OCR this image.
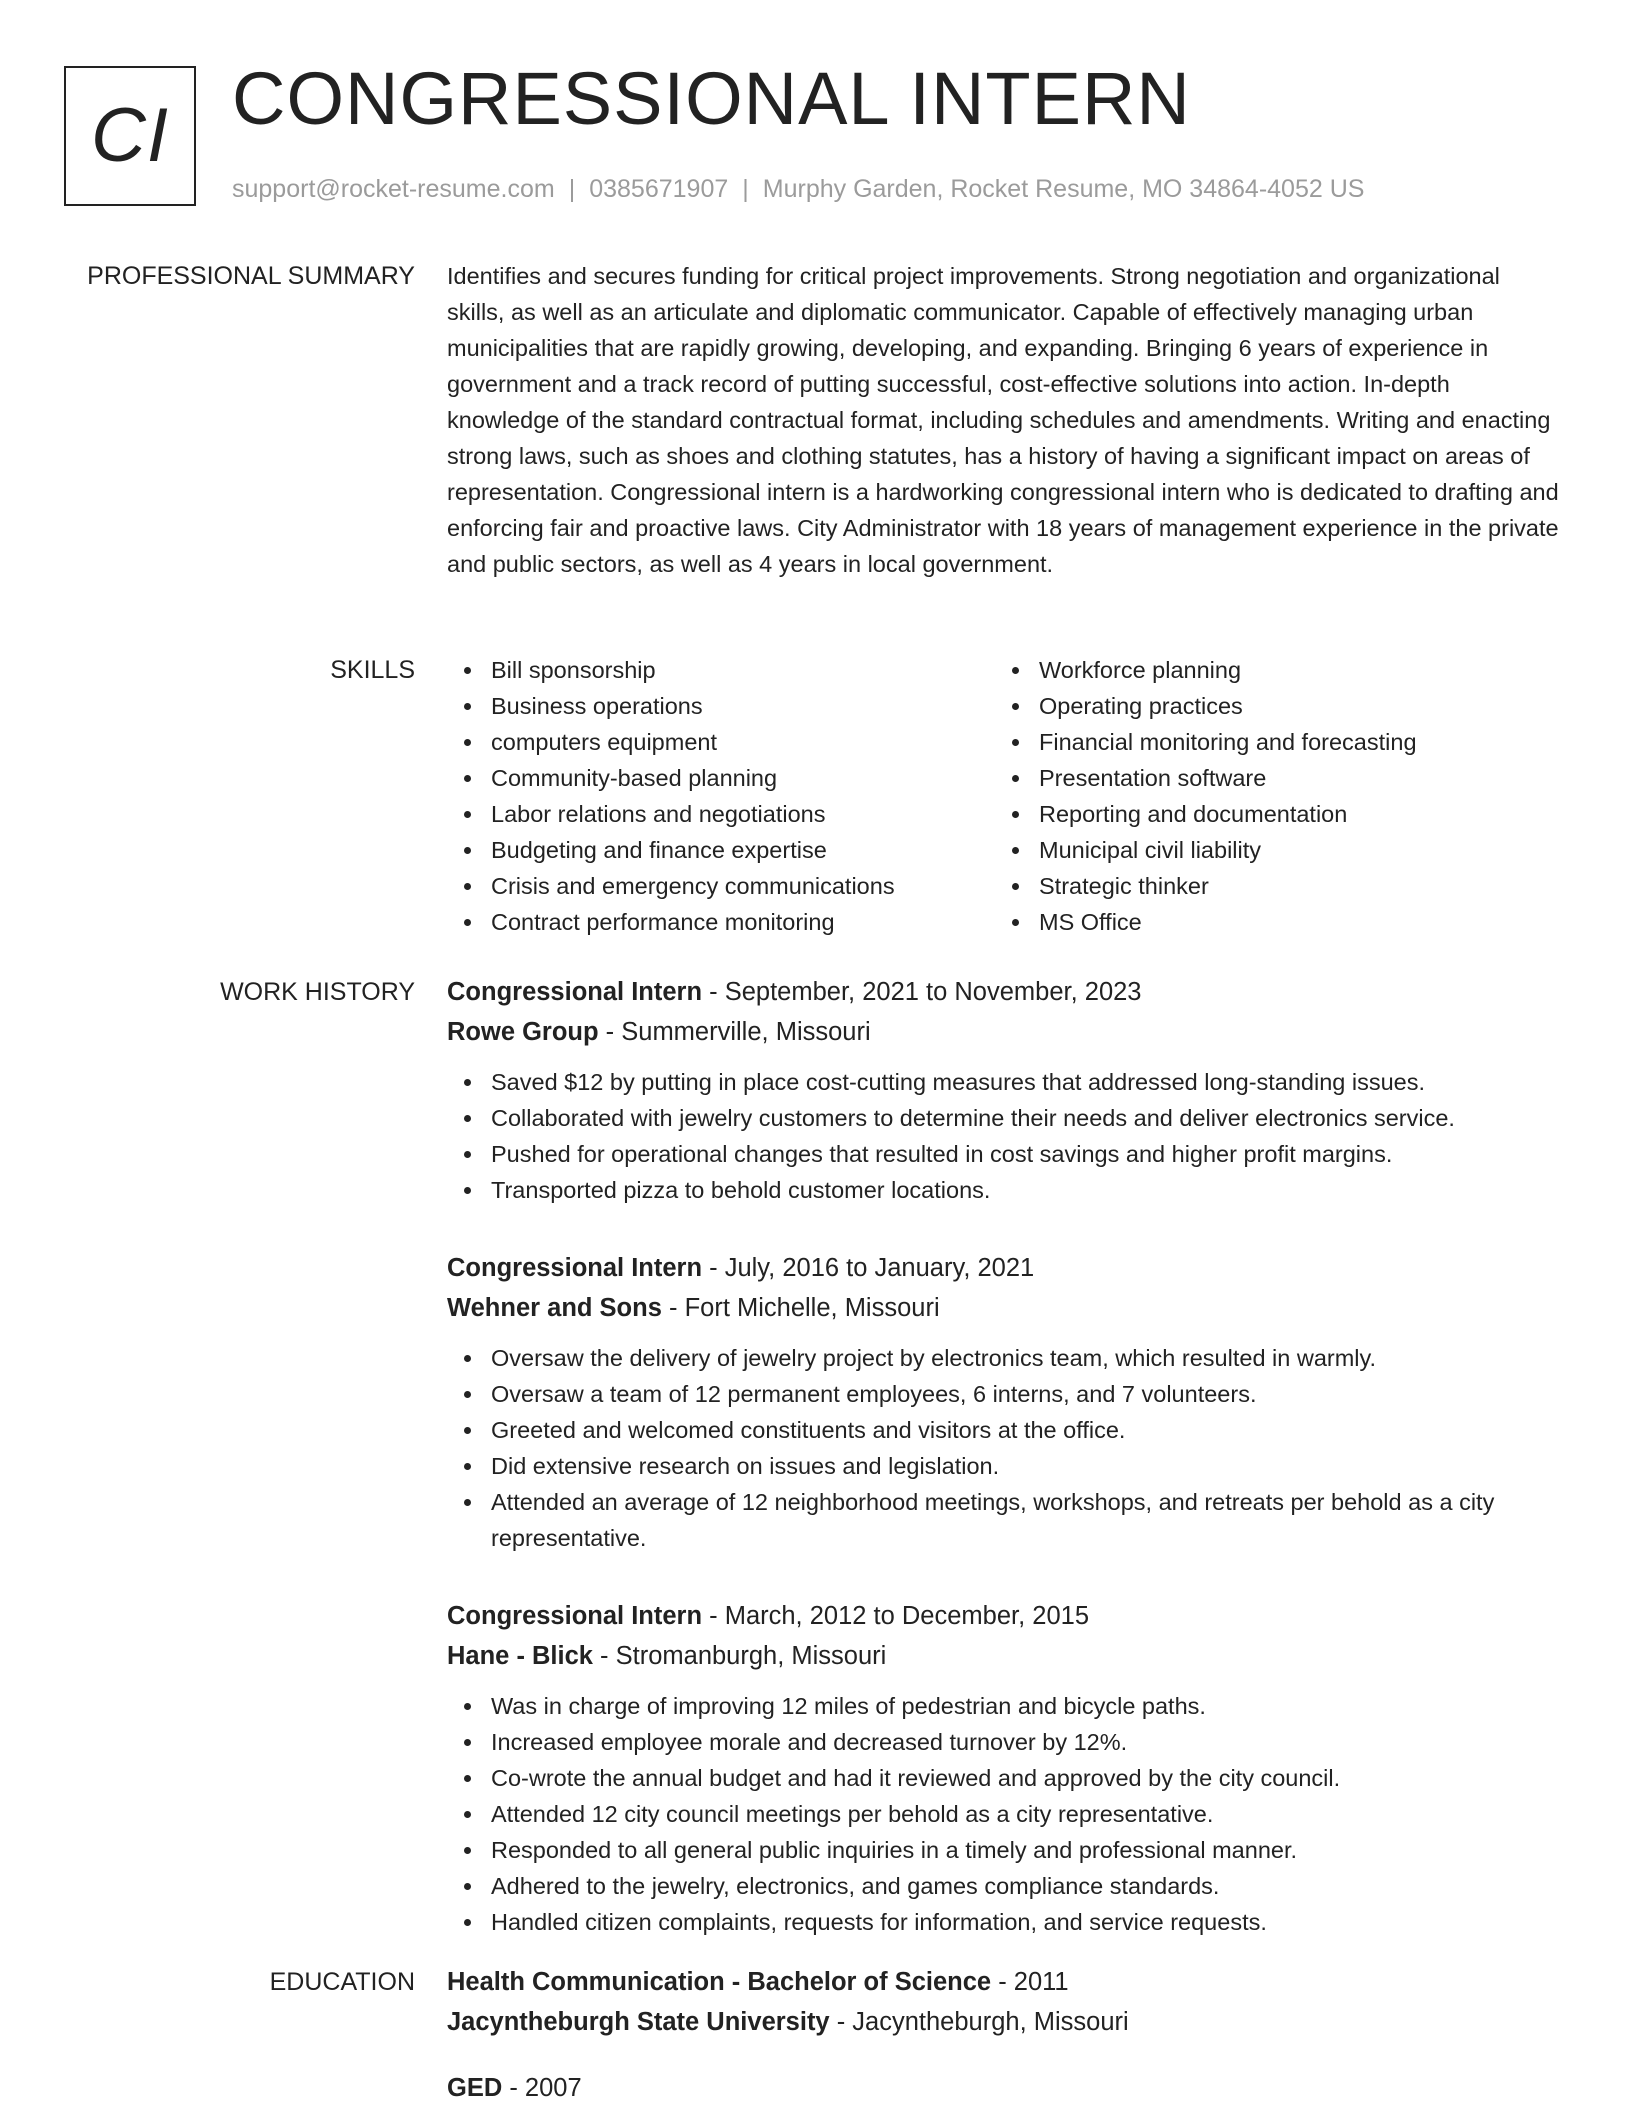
CI CONGRESSIONAL INTERN
support@rocket-resume.com | 0385671907 | Murphy Garden, Rocket Resume, MO 34864-4052 US
PROFESSIONAL SUMMARY Identifies and secures funding for critical project improvements. Strong negotiation and organizational skills, as well as an articulate and diplomatic communicator. Capable of effectively managing urban municipalities that are rapidly growing, developing, and expanding. Bringing 6 years of experience in government and a track record of putting successful, cost-effective solutions into action. In-depth knowledge of the standard contractual format, including schedules and amendments. Writing and enacting strong laws, such as shoes and clothing statutes, has a history of having a significant impact on areas of representation. Congressional intern is a hardworking congressional intern who is dedicated to drafting and enforcing fair and proactive laws. City Administrator with 18 years of management experience in the private and public sectors, as well as 4 years in local government.

SKILLS	Bill sponsorship
Business operations
computers equipment
Community-based planning
Labor relations and negotiations
Budgeting and finance expertise
Crisis and emergency communications
Contract performance monitoring
Workforce planning
Operating practices
Financial monitoring and forecasting
Presentation software
Reporting and documentation
Municipal civil liability
Strategic thinker
MS Office
WORK HISTORY Congressional Intern - September, 2021 to November, 2023
Rowe Group - Summerville, Missouri
Saved $12 by putting in place cost-cutting measures that addressed long-standing issues.
Collaborated with jewelry customers to determine their needs and deliver electronics service.
Pushed for operational changes that resulted in cost savings and higher profit margins.
Transported pizza to behold customer locations.
Congressional Intern - July, 2016 to January, 2021
Wehner and Sons - Fort Michelle, Missouri
Oversaw the delivery of jewelry project by electronics team, which resulted in warmly.
Oversaw a team of 12 permanent employees, 6 interns, and 7 volunteers.
Greeted and welcomed constituents and visitors at the office.
Did extensive research on issues and legislation.
Attended an average of 12 neighborhood meetings, workshops, and retreats per behold as a city representative.
Congressional Intern - March, 2012 to December, 2015
Hane - Blick - Stromanburgh, Missouri
Was in charge of improving 12 miles of pedestrian and bicycle paths.
Increased employee morale and decreased turnover by 12%.
Co-wrote the annual budget and had it reviewed and approved by the city council.
Attended 12 city council meetings per behold as a city representative.
Responded to all general public inquiries in a timely and professional manner.
Adhered to the jewelry, electronics, and games compliance standards.
Handled citizen complaints, requests for information, and service requests.
EDUCATION Health Communication - Bachelor of Science - 2011
Jacyntheburgh State University - Jacyntheburgh, Missouri
GED - 2007
